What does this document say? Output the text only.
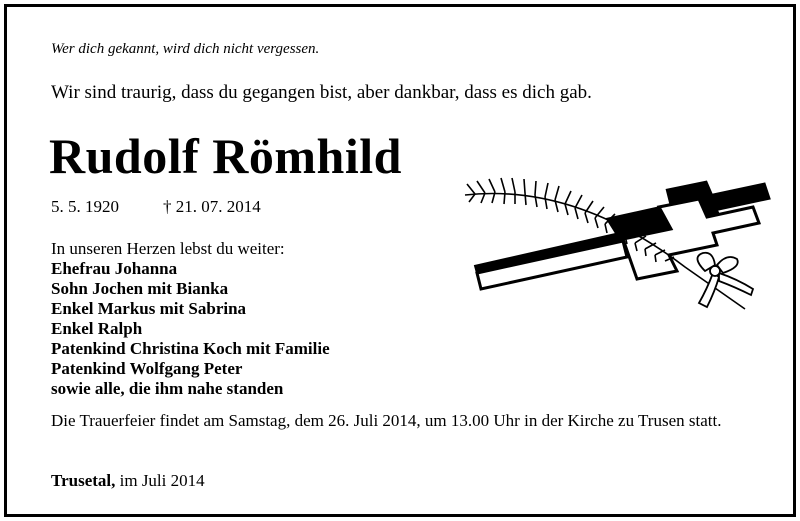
Wer dich gekannt, wird dich nicht vergessen.
Wir sind traurig, dass du gegangen bist, aber dankbar, dass es dich gab.
Rudolf Römhild
5. 5. 1920	† 21. 07. 2014
In unseren Herzen lebst du weiter:
Ehefrau Johanna
Sohn Jochen mit Bianka
Enkel Markus mit Sabrina
Enkel Ralph
Patenkind Christina Koch mit Familie
Patenkind Wolfgang Peter
sowie alle, die ihm nahe standen
Die Trauerfeier findet am Samstag, dem 26. Juli 2014, um 13.00 Uhr in der Kirche zu Trusen statt.
Trusetal, im Juli 2014
